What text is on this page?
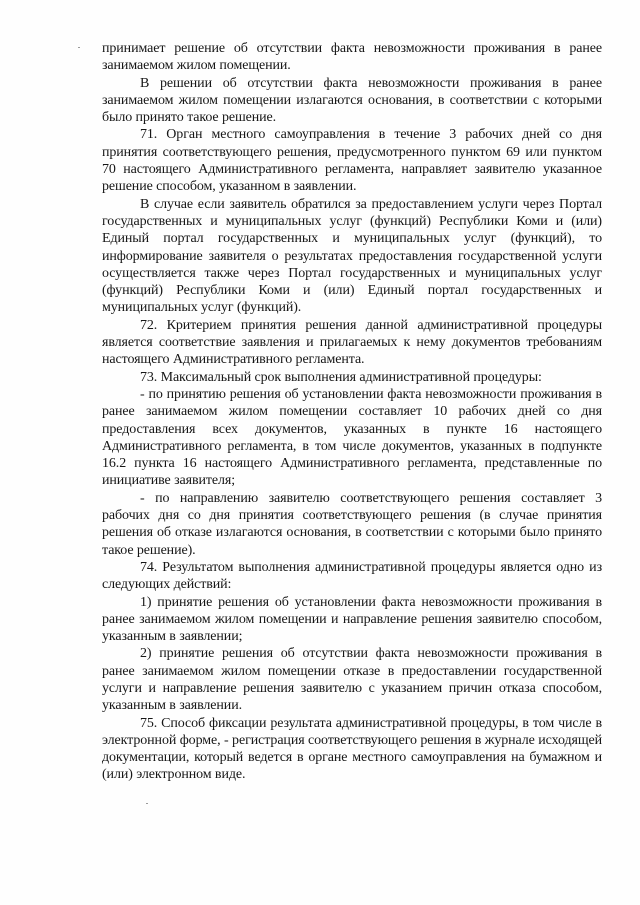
принимает решение об отсутствии факта невозможности проживания в ранее занимаемом жилом помещении.

В решении об отсутствии факта невозможности проживания в ранее занимаемом жилом помещении излагаются основания, в соответствии с которыми было принято такое решение.

71. Орган местного самоуправления в течение 3 рабочих дней со дня принятия соответствующего решения, предусмотренного пунктом 69 или пунктом 70 настоящего Административного регламента, направляет заявителю указанное решение способом, указанном в заявлении.

В случае если заявитель обратился за предоставлением услуги через Портал государственных и муниципальных услуг (функций) Республики Коми и (или) Единый портал государственных и муниципальных услуг (функций), то информирование заявителя о результатах предоставления государственной услуги осуществляется также через Портал государственных и муниципальных услуг (функций) Республики Коми и (или) Единый портал государственных и муниципальных услуг (функций).

72. Критерием принятия решения данной административной процедуры является соответствие заявления и прилагаемых к нему документов требованиям настоящего Административного регламента.

73. Максимальный срок выполнения административной процедуры:

- по принятию решения об установлении факта невозможности проживания в ранее занимаемом жилом помещении составляет 10 рабочих дней со дня предоставления всех документов, указанных в пункте 16 настоящего Административного регламента, в том числе документов, указанных в подпункте 16.2 пункта 16 настоящего Административного регламента, представленные по инициативе заявителя;

- по направлению заявителю соответствующего решения составляет 3 рабочих дня со дня принятия соответствующего решения (в случае принятия решения об отказе излагаются основания, в соответствии с которыми было принято такое решение).

74. Результатом выполнения административной процедуры является одно из следующих действий:

1) принятие решения об установлении факта невозможности проживания в ранее занимаемом жилом помещении и направление решения заявителю способом, указанным в заявлении;

2) принятие решения об отсутствии факта невозможности проживания в ранее занимаемом жилом помещении отказе в предоставлении государственной услуги и направление решения заявителю с указанием причин отказа способом, указанным в заявлении.

75. Способ фиксации результата административной процедуры, в том числе в электронной форме, - регистрация соответствующего решения в журнале исходящей документации, который ведется в органе местного самоуправления на бумажном и (или) электронном виде.
